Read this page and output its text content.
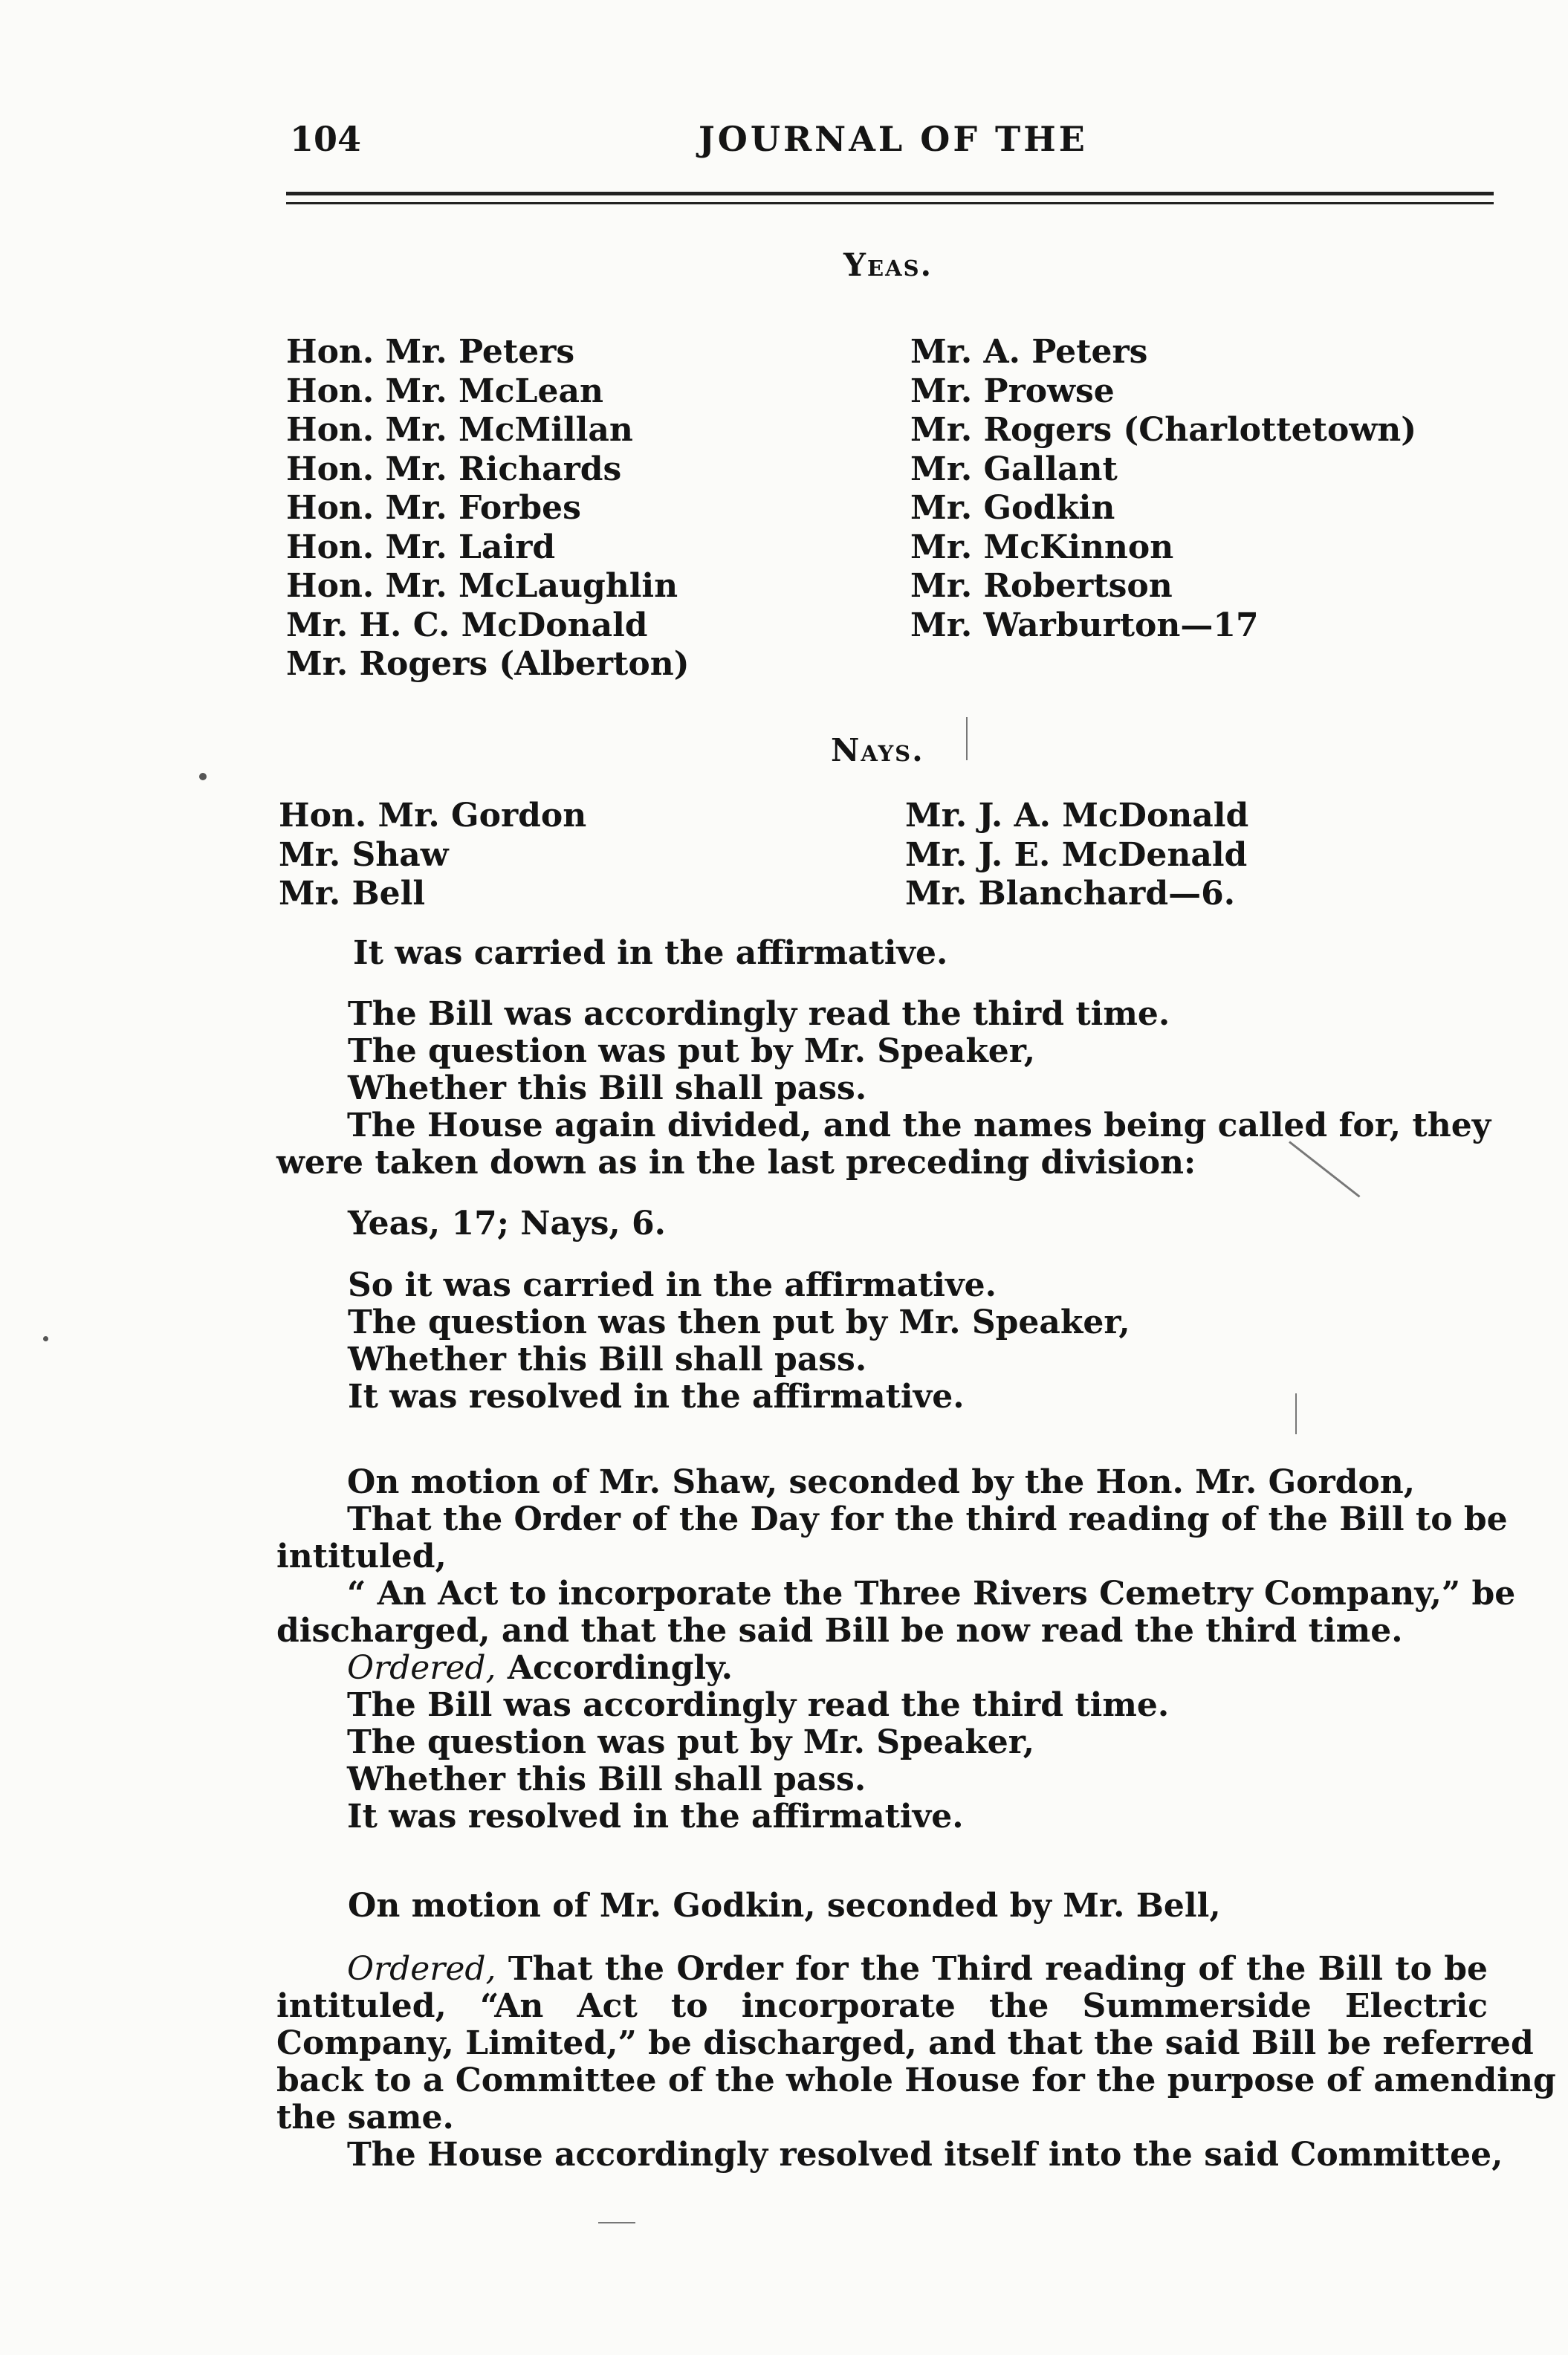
104	JOURNAL OF THE
Yeas.
Hon. Mr. Peters
Hon. Mr. McLean
Hon. Mr. McMillan
Hon. Mr. Richards
Hon. Mr. Forbes
Hon. Mr. Laird
Hon. Mr. McLaughlin
Mr. H. C. McDonald
Mr. Rogers (Alberton)
Mr. A. Peters
Mr. Prowse
Mr. Rogers (Charlottetown)
Mr. Gallant
Mr. Godkin
Mr. McKinnon
Mr. Robertson
Mr. Warburton—17
Nays.
Hon. Mr. Gordon
Mr. Shaw
Mr. Bell
Mr. J. A. McDonald
Mr. J. E. McDenald
Mr. Blanchard—6.

It was carried in the affirmative.

The Bill was accordingly read the third time.
The question was put by Mr. Speaker,
Whether this Bill shall pass.

The House again divided, and the names being called for, they
were taken down as in the last preceding division:

Yeas, 17; Nays, 6.

So it was carried in the affirmative.
The question was then put by Mr. Speaker,
Whether this Bill shall pass.
It was resolved in the affirmative.

On motion of Mr. Shaw, seconded by the Hon. Mr. Gordon,
That the Order of the Day for the third reading of the Bill to be
intituled,
“ An Act to incorporate the Three Rivers Cemetry Company,” be
discharged, and that the said Bill be now read the third time.
Ordered, Accordingly.
The Bill was accordingly read the third time.
The question was put by Mr. Speaker,
Whether this Bill shall pass.
It was resolved in the affirmative.

On motion of Mr. Godkin, seconded by Mr. Bell,

Ordered, That the Order for the Third reading of the Bill to be
intituled, “An Act to incorporate the Summerside Electric
Company, Limited,” be discharged, and that the said Bill be referred
back to a Committee of the whole House for the purpose of amending
the same.
The House accordingly resolved itself into the said Committee,
